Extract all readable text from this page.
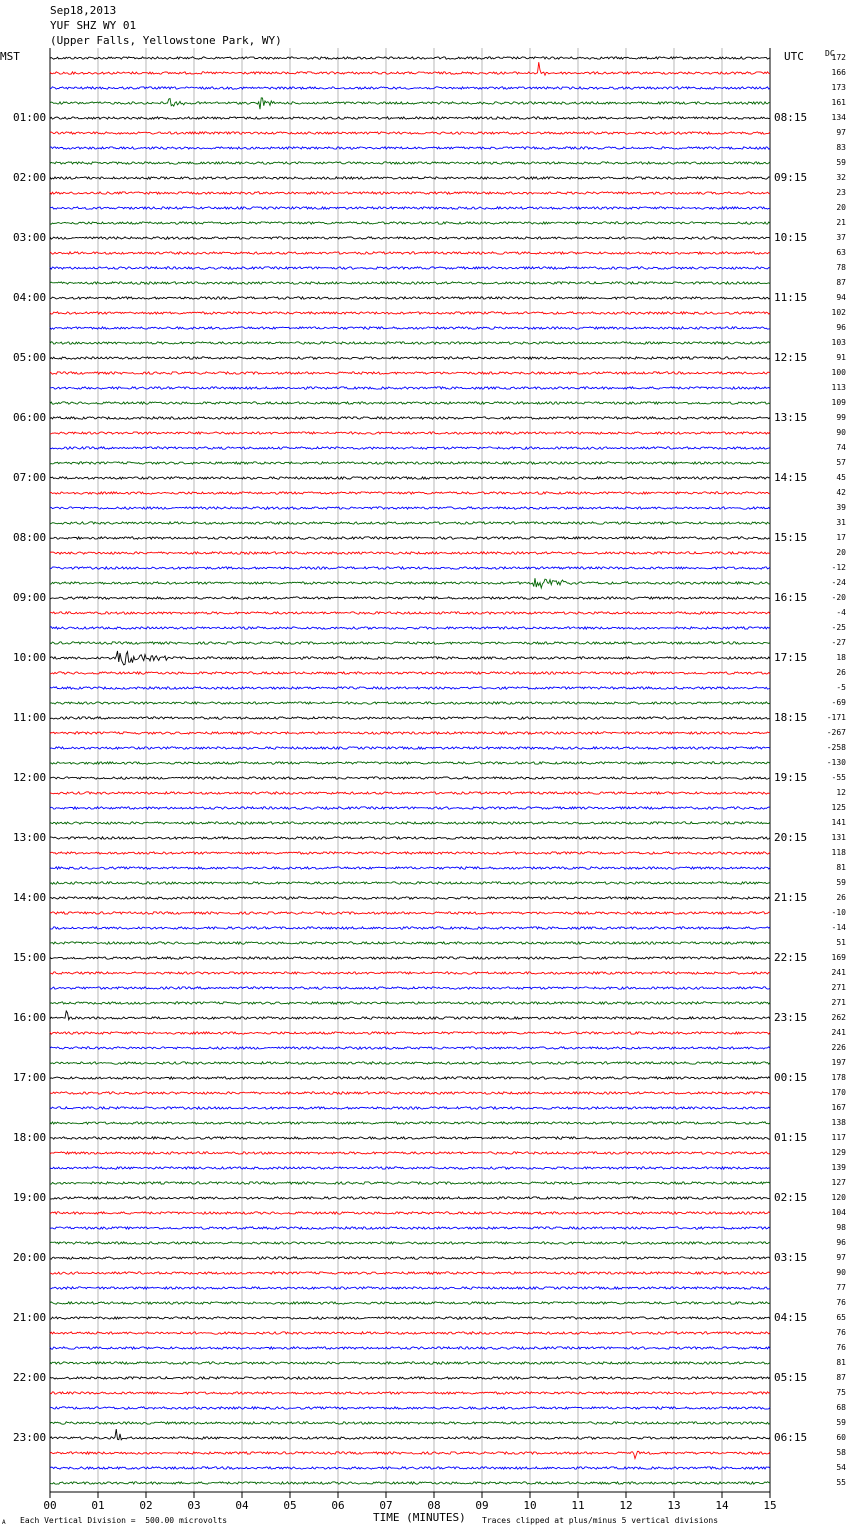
Sep18,2013
YUF SHZ WY 01
(Upper Falls, Yellowstone Park, WY)
MST	UTC	DC
01:00
02:00
03:00
04:00
05:00
06:00
07:00
08:00
09:00
10:00
11:00
12:00
13:00
14:00
15:00
16:00
17:00
18:00
19:00
20:00
21:00
22:00
23:00
08:15
09:15
10:15
11:15
12:15
13:15
14:15
15:15
16:15
17:15
18:15
19:15
20:15
21:15
22:15
23:15
00:15
01:15
02:15
03:15
04:15
05:15
06:15
172
166
173
161
134
97
83
59
32
23
20
21
37
63
78
87
94
102
96
103
91
100
113
109
99
90
74
57
45
42
39
31
17
20
-12
-24
-20
-4
-25
-27
18
26
-5
-69
-171
-267
-258
-130
-55
12
125
141
131
118
81
59
26
-10
-14
51
169
241
271
271
262
241
226
197
178
170
167
138
117
129
139
127
120
104
98
96
97
90
77
76
65
76
76
81
87
75
68
59
60
58
54
55
00	01	02	03	04	05	06	07	08	09	10	11	12	13	14	15
TIME (MINUTES)
Each Vertical Division =  500.00 microvolts	Traces clipped at plus/minus 5 vertical divisions
A
